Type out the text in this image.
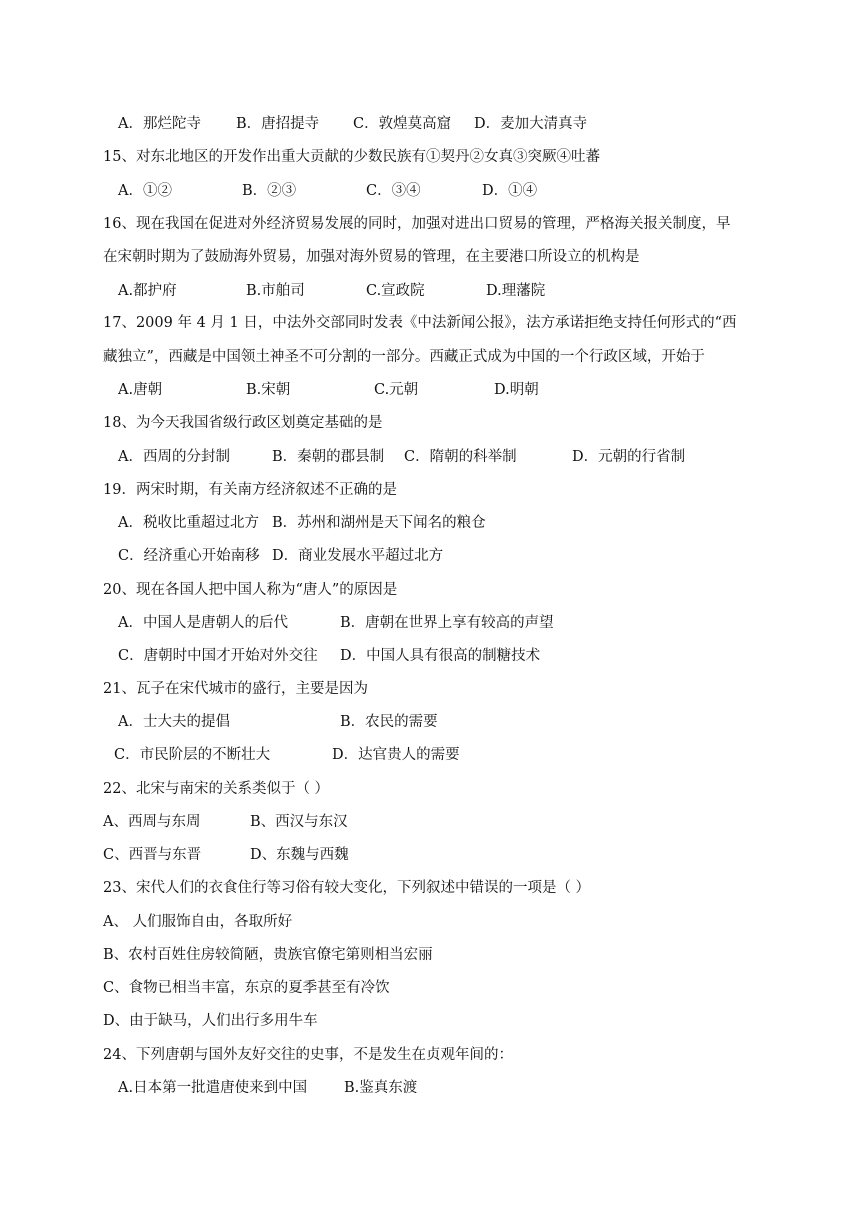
A．那烂陀寺 B．唐招提寺 C．敦煌莫高窟 D．麦加大清真寺
15、对东北地区的开发作出重大贡献的少数民族有①契丹②女真③突厥④吐蕃
A．①②	B．②③	C．③④	D．①④
16、现在我国在促进对外经济贸易发展的同时，加强对进出口贸易的管理，严格海关报关制度，早
在宋朝时期为了鼓励海外贸易，加强对海外贸易的管理，在主要港口所设立的机构是
A.都护府	B.市舶司	C.宣政院	D.理藩院
17、2009 年 4 月 1 日，中法外交部同时发表《中法新闻公报》，法方承诺拒绝支持任何形式的“西
藏独立”，西藏是中国领土神圣不可分割的一部分。西藏正式成为中国的一个行政区域，开始于
A.唐朝	B.宋朝	C.元朝	D.明朝
18、为今天我国省级行政区划奠定基础的是
A．西周的分封制	B．秦朝的郡县制 C．隋朝的科举制	D．元朝的行省制
19．两宋时期，有关南方经济叙述不正确的是
A．税收比重超过北方 B．苏州和湖州是天下闻名的粮仓
C．经济重心开始南移 D．商业发展水平超过北方
20、现在各国人把中国人称为“唐人”的原因是
A．中国人是唐朝人的后代	B．唐朝在世界上享有较高的声望
C．唐朝时中国才开始对外交往 D．中国人具有很高的制糖技术
21、瓦子在宋代城市的盛行，主要是因为
A．士大夫的提倡	B．农民的需要
C．市民阶层的不断壮大	D．达官贵人的需要
22、北宋与南宋的关系类似于（ ）
A、西周与东周	B、西汉与东汉
C、西晋与东晋	D、东魏与西魏
23、宋代人们的衣食住行等习俗有较大变化，下列叙述中错误的一项是（ ）
A、 人们服饰自由，各取所好
B、农村百姓住房较简陋，贵族官僚宅第则相当宏丽
C、食物已相当丰富，东京的夏季甚至有冷饮
D、由于缺马，人们出行多用牛车
24、下列唐朝与国外友好交往的史事，不是发生在贞观年间的：
A.日本第一批遣唐使来到中国	B.鉴真东渡
